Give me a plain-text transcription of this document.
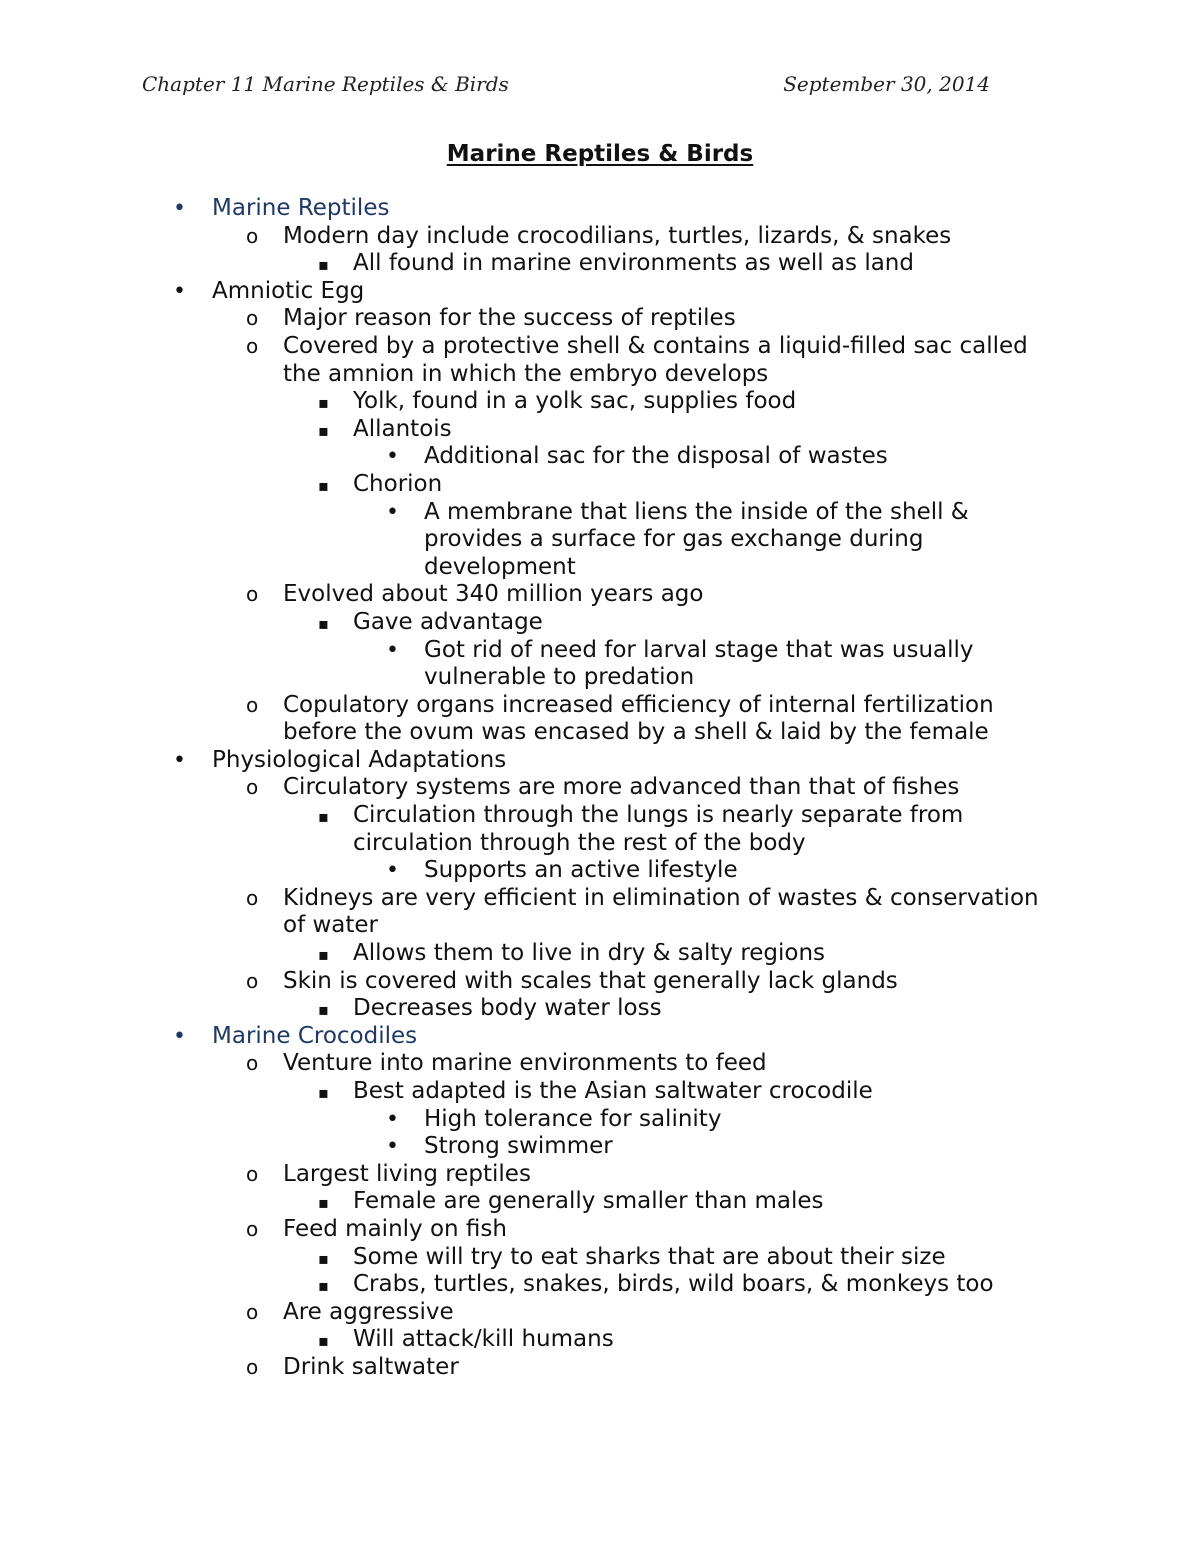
Chapter 11 Marine Reptiles & Birds	September 30, 2014
Marine Reptiles & Birds
• Marine Reptiles
o Modern day include crocodilians, turtles, lizards, & snakes
▪ All found in marine environments as well as land
• Amniotic Egg
o Major reason for the success of reptiles
o Covered by a protective shell & contains a liquid-filled sac called
the amnion in which the embryo develops
▪ Yolk, found in a yolk sac, supplies food
▪ Allantois
• Additional sac for the disposal of wastes
▪ Chorion
• A membrane that liens the inside of the shell &
provides a surface for gas exchange during
development
o Evolved about 340 million years ago
▪ Gave advantage
• Got rid of need for larval stage that was usually
vulnerable to predation
o Copulatory organs increased efficiency of internal fertilization
before the ovum was encased by a shell & laid by the female
• Physiological Adaptations
o Circulatory systems are more advanced than that of fishes
▪ Circulation through the lungs is nearly separate from
circulation through the rest of the body
• Supports an active lifestyle
o Kidneys are very efficient in elimination of wastes & conservation
of water
▪ Allows them to live in dry & salty regions
o Skin is covered with scales that generally lack glands
▪ Decreases body water loss
• Marine Crocodiles
o Venture into marine environments to feed
▪ Best adapted is the Asian saltwater crocodile
• High tolerance for salinity
• Strong swimmer
o Largest living reptiles
▪ Female are generally smaller than males
o Feed mainly on fish
▪ Some will try to eat sharks that are about their size
▪ Crabs, turtles, snakes, birds, wild boars, & monkeys too
o Are aggressive
▪ Will attack/kill humans
o Drink saltwater
